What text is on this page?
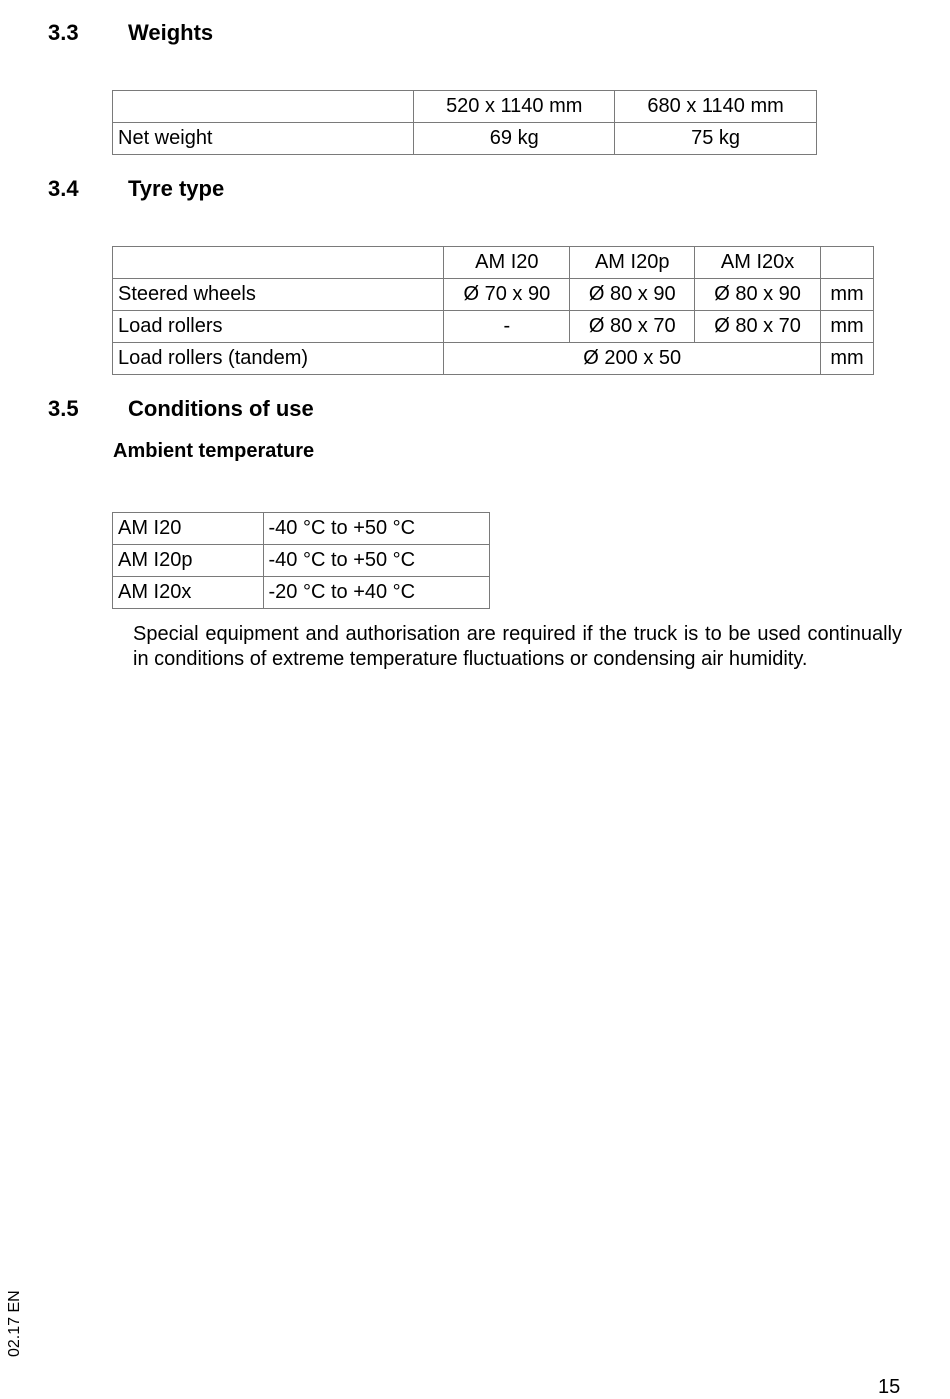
3.3 Weights
	520 x 1140 mm	680 x 1140 mm
Net weight	69 kg	75 kg
3.4 Tyre type
	AM I20	AM I20p	AM I20x	
Steered wheels	Ø 70 x 90	Ø 80 x 90	Ø 80 x 90	mm
Load rollers	-	Ø 80 x 70	Ø 80 x 70	mm
Load rollers (tandem)	Ø 200 x 50			mm
3.5 Conditions of use
Ambient temperature
AM I20	-40 °C to +50 °C
AM I20p	-40 °C to +50 °C
AM I20x	-20 °C to +40 °C

Special equipment and authorisation are required if the truck is to be used continually in conditions of extreme temperature fluctuations or condensing air humidity.

02.17 EN
15
